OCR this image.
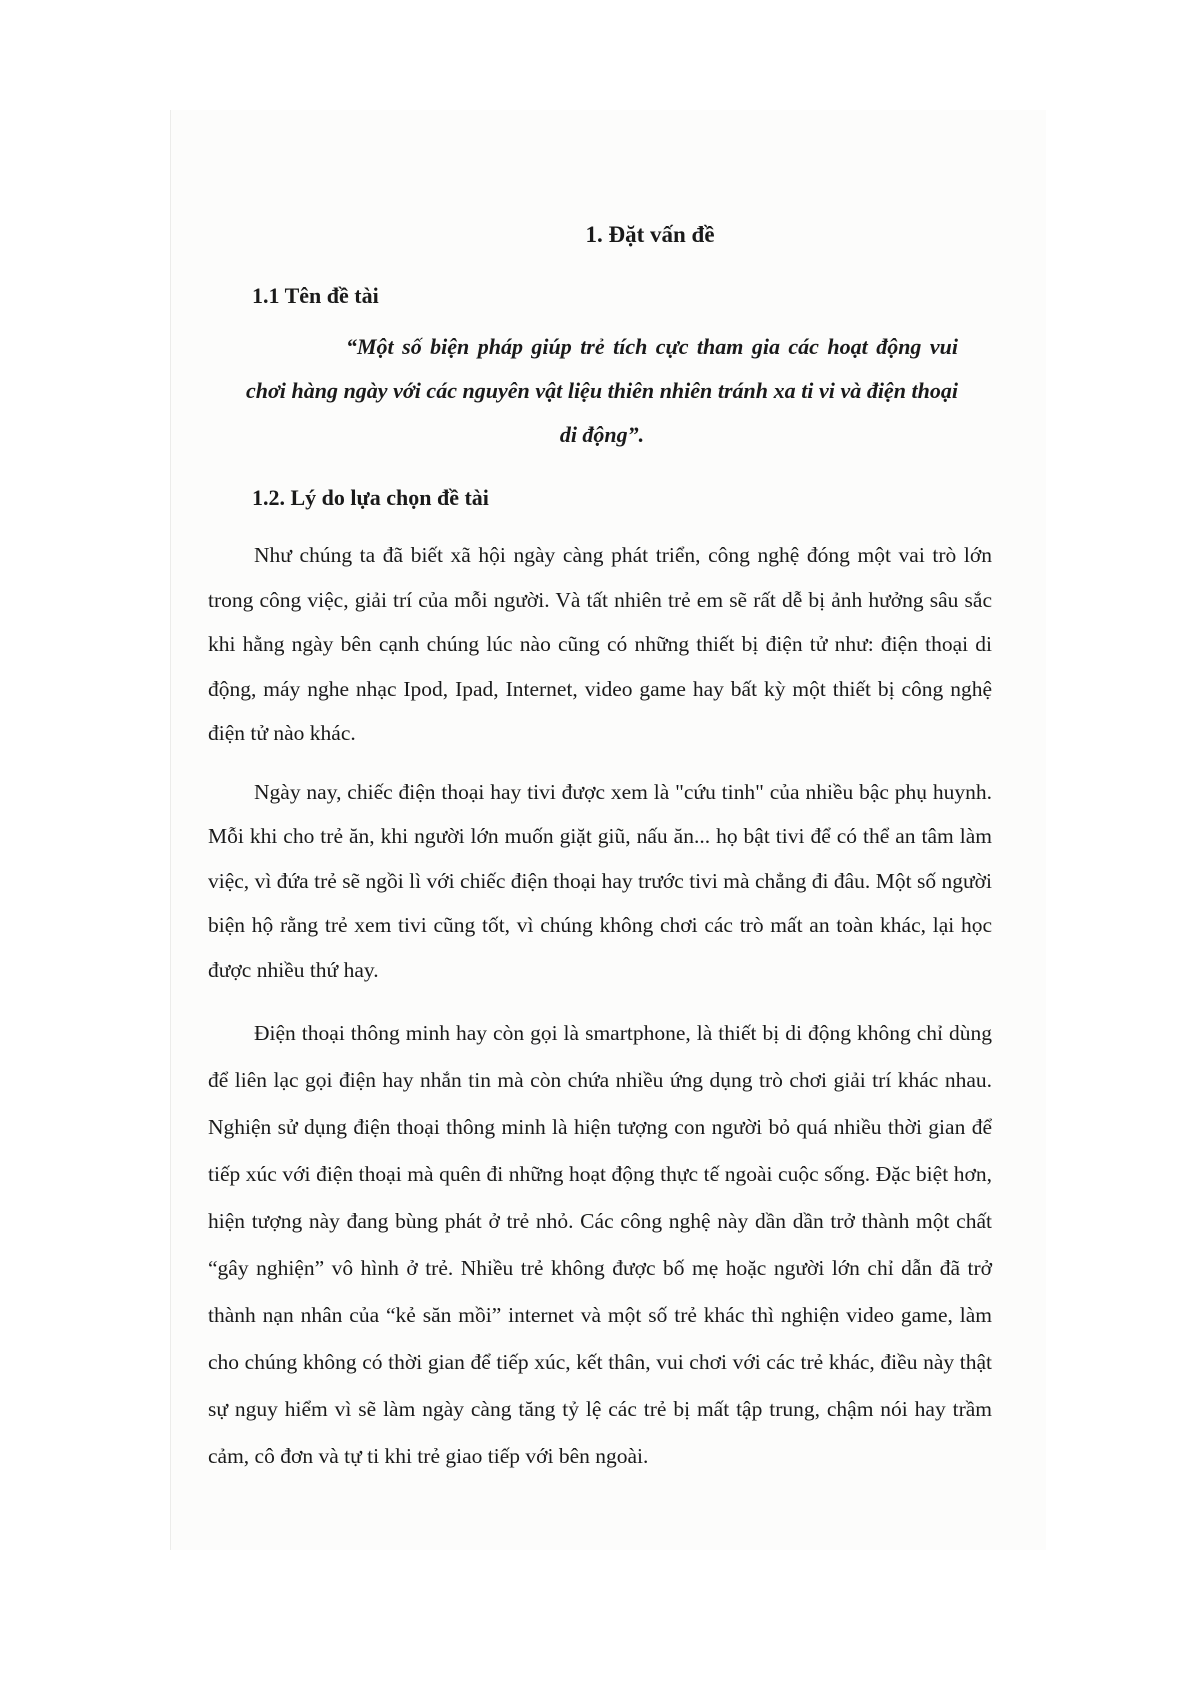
1. Đặt vấn đề
1.1 Tên đề tài

“Một số biện pháp giúp trẻ tích cực tham gia các hoạt động vui chơi hàng ngày với các nguyên vật liệu thiên nhiên tránh xa ti vi và điện thoại di động”.

1.2. Lý do lựa chọn đề tài

Như chúng ta đã biết xã hội ngày càng phát triển, công nghệ đóng một vai trò lớn trong công việc, giải trí của mỗi người. Và tất nhiên trẻ em sẽ rất dễ bị ảnh hưởng sâu sắc khi hằng ngày bên cạnh chúng lúc nào cũng có những thiết bị điện tử như: điện thoại di động, máy nghe nhạc Ipod, Ipad, Internet, video game hay bất kỳ một thiết bị công nghệ điện tử nào khác.

Ngày nay, chiếc điện thoại hay tivi được xem là "cứu tinh" của nhiều bậc phụ huynh. Mỗi khi cho trẻ ăn, khi người lớn muốn giặt giũ, nấu ăn... họ bật tivi để có thể an tâm làm việc, vì đứa trẻ sẽ ngồi lì với chiếc điện thoại hay trước tivi mà chẳng đi đâu. Một số người biện hộ rằng trẻ xem tivi cũng tốt, vì chúng không chơi các trò mất an toàn khác, lại học được nhiều thứ hay.

Điện thoại thông minh hay còn gọi là smartphone, là thiết bị di động không chỉ dùng để liên lạc gọi điện hay nhắn tin mà còn chứa nhiều ứng dụng trò chơi giải trí khác nhau. Nghiện sử dụng điện thoại thông minh là hiện tượng con người bỏ quá nhiều thời gian để tiếp xúc với điện thoại mà quên đi những hoạt động thực tế ngoài cuộc sống. Đặc biệt hơn, hiện tượng này đang bùng phát ở trẻ nhỏ. Các công nghệ này dần dần trở thành một chất “gây nghiện” vô hình ở trẻ. Nhiều trẻ không được bố mẹ hoặc người lớn chỉ dẫn đã trở thành nạn nhân của “kẻ săn mồi” internet và một số trẻ khác thì nghiện video game, làm cho chúng không có thời gian để tiếp xúc, kết thân, vui chơi với các trẻ khác, điều này thật sự nguy hiểm vì sẽ làm ngày càng tăng tỷ lệ các trẻ bị mất tập trung, chậm nói hay trầm cảm, cô đơn và tự ti khi trẻ giao tiếp với bên ngoài.
